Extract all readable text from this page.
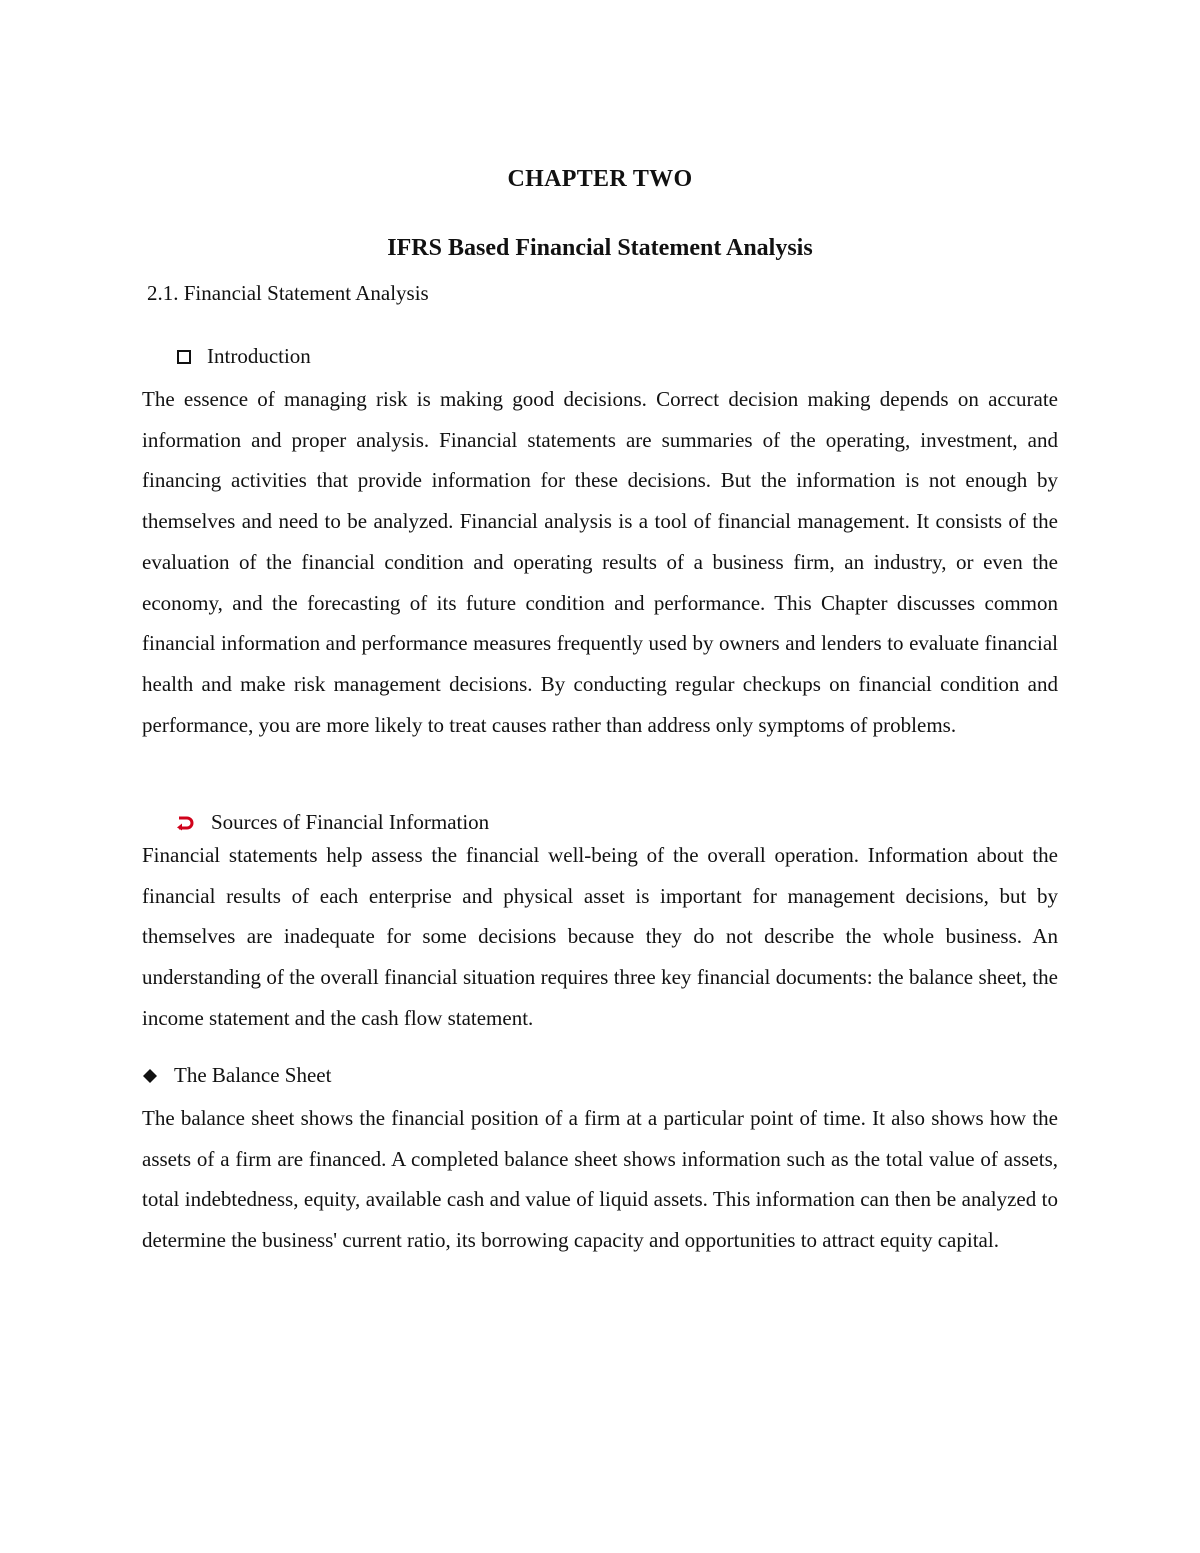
CHAPTER TWO
IFRS Based Financial Statement Analysis
2.1. Financial Statement Analysis
Introduction

The essence of managing risk is making good decisions. Correct decision making depends on accurate information and proper analysis. Financial statements are summaries of the operating, investment, and financing activities that provide information for these decisions. But the information is not enough by themselves and need to be analyzed. Financial analysis is a tool of financial management. It consists of the evaluation of the financial condition and operating results of a business firm, an industry, or even the economy, and the forecasting of its future condition and performance. This Chapter discusses common financial information and performance measures frequently used by owners and lenders to evaluate financial health and make risk management decisions. By conducting regular checkups on financial condition and performance, you are more likely to treat causes rather than address only symptoms of problems.

Sources of Financial Information

Financial statements help assess the financial well-being of the overall operation. Information about the financial results of each enterprise and physical asset is important for management decisions, but by themselves are inadequate for some decisions because they do not describe the whole business. An understanding of the overall financial situation requires three key financial documents: the balance sheet, the income statement and the cash flow statement.

The Balance Sheet

The balance sheet shows the financial position of a firm at a particular point of time. It also shows how the assets of a firm are financed. A completed balance sheet shows information such as the total value of assets, total indebtedness, equity, available cash and value of liquid assets. This information can then be analyzed to determine the business' current ratio, its borrowing capacity and opportunities to attract equity capital.
